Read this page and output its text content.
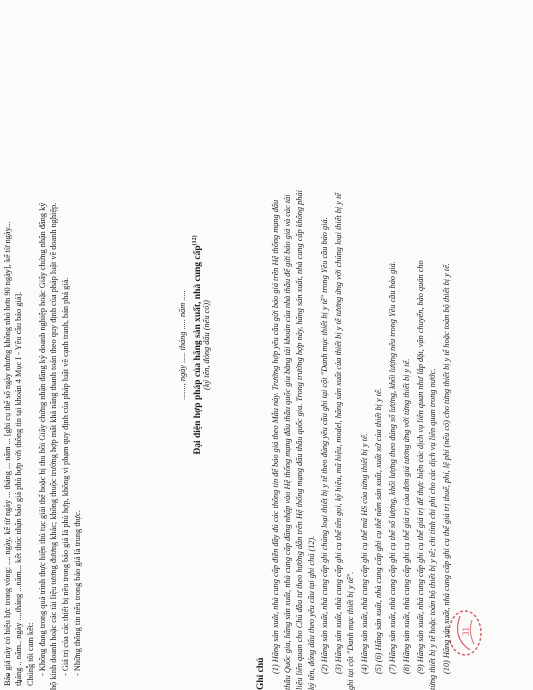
Báo giá này có hiệu lực trong vòng: .... ngày, kể từ ngày ... tháng ... năm ... [ghi cụ thể số ngày nhưng không nhỏ hơn 90 ngày], kể từ ngày... tháng .. năm.. ngày ....tháng ...năm... kết thúc nhận báo giá phù hợp với thông tin tại khoản 4 Mục I - Yêu cầu báo giá]. Chúng tôi cam kết: - Không đang trong quá trình thực hiện thủ tục giải thể hoặc bị thu hồi Giấy chứng nhận đăng ký doanh nghiệp hoặc Giấy chứng nhận đăng ký hộ kinh doanh hoặc các tài liệu tương đương khác; không thuộc trường hợp mất khả năng thanh toán theo quy định của pháp luật về doanh nghiệp. - Giá trị của các thiết bị nêu trong báo giá là phù hợp, không vi phạm quy định của pháp luật về cạnh tranh, bán phá giá. - Những thông tin nêu trong báo giá là trung thực.
......., ngày ..... tháng ..... năm ..... Đại diện hợp pháp của hãng sản xuất, nhà cung cấp$^{(12)}$
(ký tên, đóng dấu (nếu có))
31
Ghi chú (1) Hãng sản xuất, nhà cung cấp điền đầy đủ các thông tin để báo giá theo Mẫu này. Trường hợp yêu cầu gửi báo giá trên Hệ thống mạng đấu thầu Quốc gia, hãng sản xuất, nhà cung cấp đăng nhập vào Hệ thống mạng đấu thầu quốc gia bằng tài khoản của nhà thầu để gửi báo giá và các tài liệu liên quan cho Chủ đầu tư theo hướng dẫn trên Hệ thống mạng đấu thầu quốc gia. Trong trường hợp này, hãng sản xuất, nhà cung cấp không phải ký tên, đóng dấu theo yêu cầu tại ghi chú (12). (2) Hãng sản xuất, nhà cung cấp ghi chủng loại thiết bị y tế theo đúng yêu cầu ghi tại cột "Danh mục thiết bị y tế" trong Yêu cầu báo giá. (3) Hãng sản xuất, nhà cung cấp ghi cụ thể tên gọi, ký hiệu, mã hiệu, model, hãng sản xuất của thiết bị y tế tương ứng với chủng loại thiết bị y tế ghi tại cột "Danh mục thiết bị y tế". (4) Hãng sản xuất, nhà cung cấp ghi cụ thể mã HS của từng thiết bị y tế. (5) (6) Hãng sản xuất, nhà cung cấp ghi cụ thể năm sản xuất, xuất xứ của thiết bị y tế. (7) Hãng sản xuất, nhà cung cấp ghi cụ thể số lượng, khối lượng theo đúng số lượng, khối lượng nêu trong Yêu cầu báo giá. (8) Hãng sản xuất, nhà cung cấp ghi cụ thể giá trị của đơn giá tương ứng với từng thiết bị y tế. (9) Hãng sản xuất, nhà cung cấp ghi cụ thể giá trị để thực hiện các dịch vụ liên quan như lắp đặt, vận chuyển, bảo quản cho từng thiết bị y tế hoặc toàn bộ thiết bị y tế; chi tính chi phí cho các dịch vụ liên quan trong nước. (10) Hãng sản xuất, nhà cung cấp ghi cụ thể giá trị thuế, phí, lệ phí (nếu có) cho từng thiết bị y tế hoặc toàn bộ thiết bị y tế.
